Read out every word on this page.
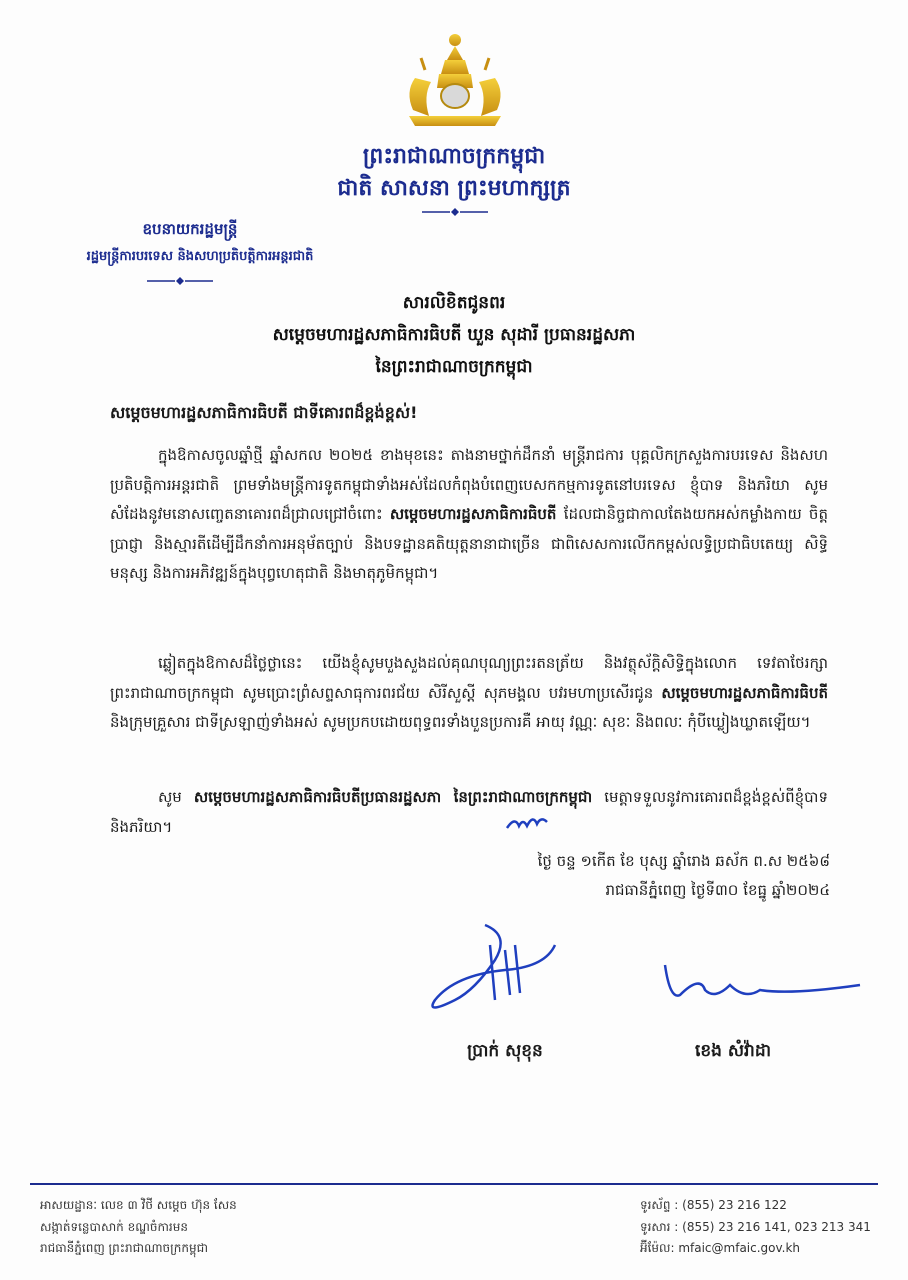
ព្រះរាជាណាចក្រកម្ពុជា
ជាតិ សាសនា ព្រះមហាក្សត្រ
ឧបនាយករដ្ឋមន្ត្រី
រដ្ឋមន្ត្រីការបរទេស និងសហប្រតិបត្តិការអន្តរជាតិ
សារលិខិតជូនពរ
សម្តេចមហារដ្ឋសភាធិការធិបតី ឃួន សុដារី ប្រធានរដ្ឋសភា
នៃព្រះរាជាណាចក្រកម្ពុជា
សម្តេចមហារដ្ឋសភាធិការធិបតី ជាទីគោរពដ៏ខ្ពង់ខ្ពស់!
ក្នុងឱកាសចូលឆ្នាំថ្មី ឆ្នាំសកល ២០២៥ ខាងមុខនេះ តាងនាមថ្នាក់ដឹកនាំ មន្ត្រីរាជការ បុគ្គលិកក្រសួងការបរទេស និងសហប្រតិបត្តិការអន្តរជាតិ ព្រមទាំងមន្ត្រីការទូតកម្ពុជាទាំងអស់ដែលកំពុងបំពេញបេសកកម្មការទូតនៅបរទេស ខ្ញុំបាទ និងភរិយា សូមសំដែងនូវមនោសញ្ចេតនាគោរពដ៏ជ្រាលជ្រៅចំពោះ សម្តេចមហារដ្ឋសភាធិការធិបតី ដែលជានិច្ចជាកាលតែងយកអស់កម្លាំងកាយ ចិត្ត ប្រាជ្ញា និងស្មារតីដើម្បីដឹកនាំការអនុម័តច្បាប់ និងបទដ្ឋានគតិយុត្តនានាជាច្រើន ជាពិសេសការលើកកម្ពស់លទ្ធិប្រជាធិបតេយ្យ សិទ្ធិមនុស្ស និងការអភិវឌ្ឍន៍ក្នុងបុព្វហេតុជាតិ និងមាតុភូមិកម្ពុជា។
ឆ្លៀតក្នុងឱកាសដ៏ថ្លៃថ្លានេះ យើងខ្ញុំសូមបួងសួងដល់គុណបុណ្យព្រះរតនត្រ័យ និងវត្ថុស័ក្តិសិទ្ធិក្នុងលោក ទេវតាថែរក្សាព្រះរាជាណាចក្រកម្ពុជា សូមប្រោះព្រំសព្ទសាធុការពរជ័យ សិរីសួស្តី សុភមង្គល បវរមហាប្រសើរជូន សម្តេចមហារដ្ឋសភាធិការធិបតី និងក្រុមគ្រួសារ ជាទីស្រឡាញ់ទាំងអស់ សូមប្រកបដោយពុទ្ធពរទាំងបួនប្រការគឺ អាយុ វណ្ណៈ សុខៈ និងពលៈ កុំបីឃ្លៀងឃ្លាតឡើយ។
សូម សម្តេចមហារដ្ឋសភាធិការធិបតីប្រធានរដ្ឋសភា នៃព្រះរាជាណាចក្រកម្ពុជា មេត្តាទទួលនូវការគោរពដ៏ខ្ពង់ខ្ពស់ពីខ្ញុំបាទ និងភរិយា។
ថ្ងៃ ចន្ទ ១កើត ខែ បុស្ស ឆ្នាំរោង ឆស័ក ព.ស ២៥៦៨
រាជធានីភ្នំពេញ ថ្ងៃទី៣០ ខែធ្នូ ឆ្នាំ២០២៤
ប្រាក់ សុខុន	ខេង សំវ៉ាដា
អាសយដ្ឋានៈ លេខ ៣ វិថី សម្តេច ហ៊ុន សែន
សង្កាត់ទន្លេបាសាក់ ខណ្ឌចំការមន
រាជធានីភ្នំពេញ ព្រះរាជាណាចក្រកម្ពុជា
ទូរស័ព្ទ : (855) 23 216 122
ទូរសារ : (855) 23 216 141, 023 213 341
អ៊ីម៉ែល: mfaic@mfaic.gov.kh
